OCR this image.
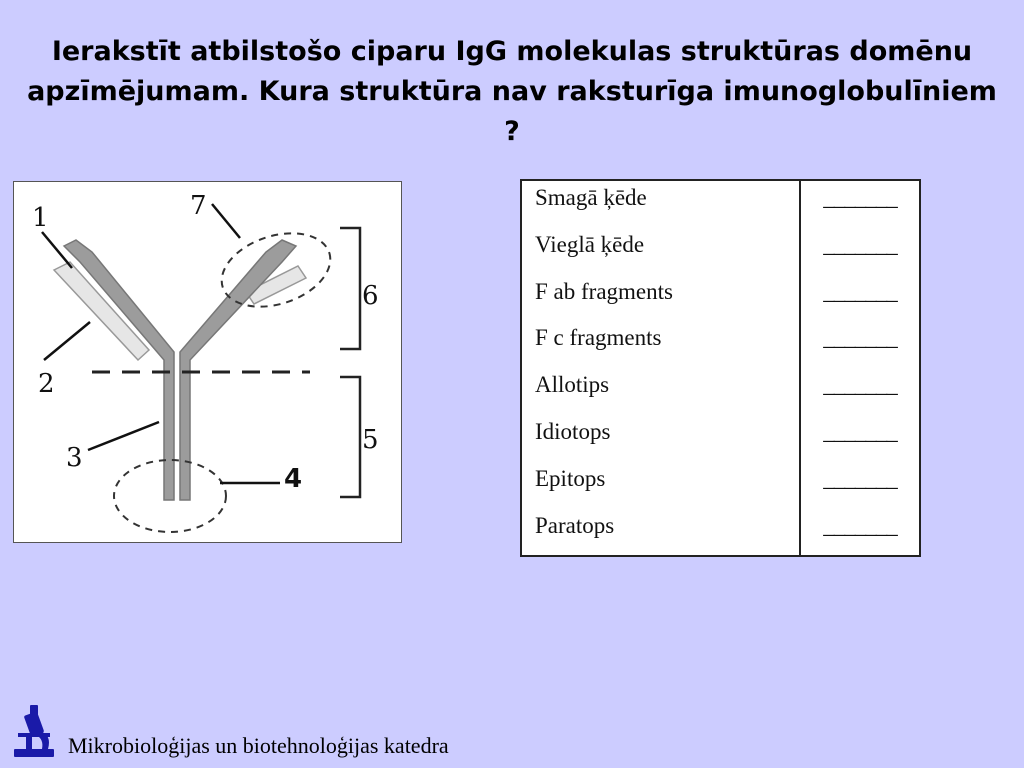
Ierakstīt atbilstošo ciparu IgG molekulas struktūras domēnu apzīmējumam. Kura struktūra nav raksturīga imunoglobulīniem ?
1
2
3
4
5
6
7	Smagā ķēde	_______
Vieglā ķēde	_______
F ab fragments	_______
F c fragments	_______
Allotips	_______
Idiotops	_______
Epitops	_______
Paratops	_______
Mikrobioloģijas un biotehnoloģijas katedra
